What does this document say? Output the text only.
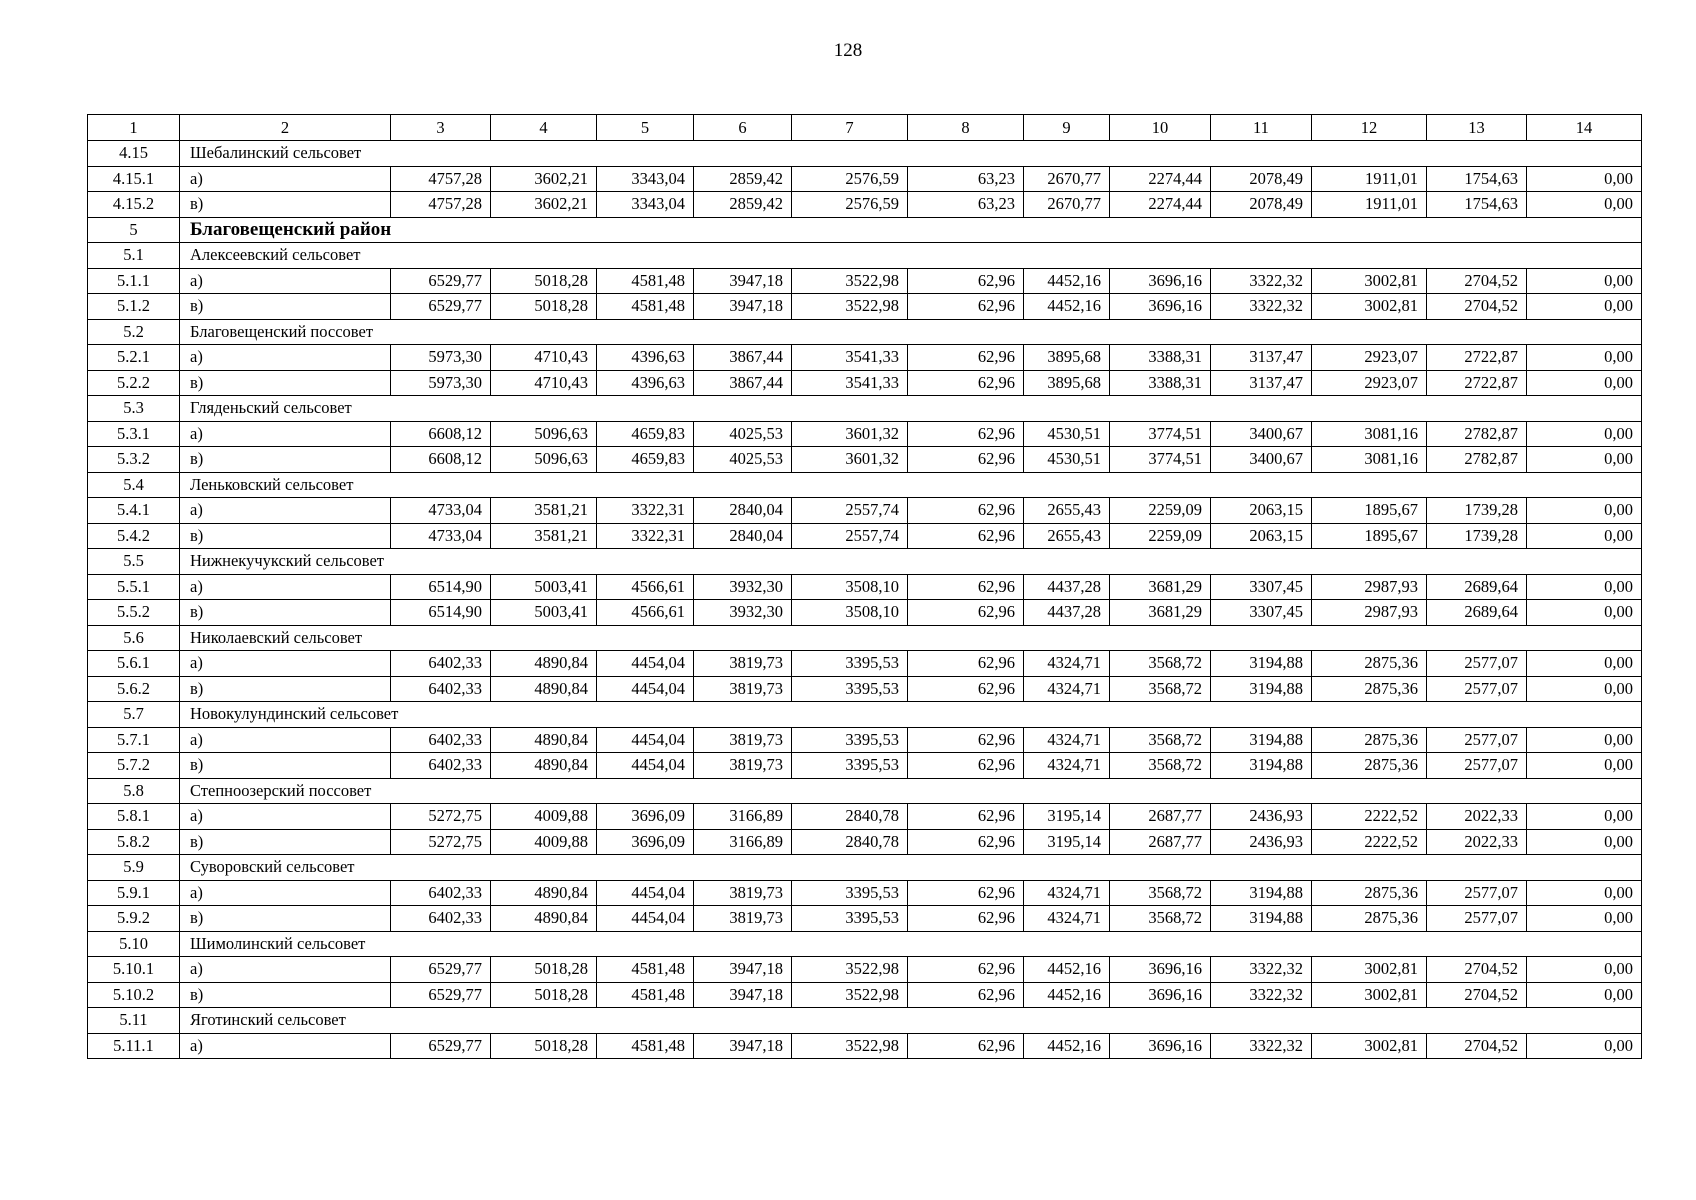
128
1	2	3	4	5	6	7	8	9	10	11	12	13	14
4.15	Шебалинский сельсовет												
4.15.1	а)	4757,28	3602,21	3343,04	2859,42	2576,59	63,23	2670,77	2274,44	2078,49	1911,01	1754,63	0,00
4.15.2	в)	4757,28	3602,21	3343,04	2859,42	2576,59	63,23	2670,77	2274,44	2078,49	1911,01	1754,63	0,00
5	Благовещенский район												
5.1	Алексеевский сельсовет												
5.1.1	а)	6529,77	5018,28	4581,48	3947,18	3522,98	62,96	4452,16	3696,16	3322,32	3002,81	2704,52	0,00
5.1.2	в)	6529,77	5018,28	4581,48	3947,18	3522,98	62,96	4452,16	3696,16	3322,32	3002,81	2704,52	0,00
5.2	Благовещенский поссовет												
5.2.1	а)	5973,30	4710,43	4396,63	3867,44	3541,33	62,96	3895,68	3388,31	3137,47	2923,07	2722,87	0,00
5.2.2	в)	5973,30	4710,43	4396,63	3867,44	3541,33	62,96	3895,68	3388,31	3137,47	2923,07	2722,87	0,00
5.3	Гляденьский сельсовет												
5.3.1	а)	6608,12	5096,63	4659,83	4025,53	3601,32	62,96	4530,51	3774,51	3400,67	3081,16	2782,87	0,00
5.3.2	в)	6608,12	5096,63	4659,83	4025,53	3601,32	62,96	4530,51	3774,51	3400,67	3081,16	2782,87	0,00
5.4	Леньковский сельсовет												
5.4.1	а)	4733,04	3581,21	3322,31	2840,04	2557,74	62,96	2655,43	2259,09	2063,15	1895,67	1739,28	0,00
5.4.2	в)	4733,04	3581,21	3322,31	2840,04	2557,74	62,96	2655,43	2259,09	2063,15	1895,67	1739,28	0,00
5.5	Нижнекучукский сельсовет												
5.5.1	а)	6514,90	5003,41	4566,61	3932,30	3508,10	62,96	4437,28	3681,29	3307,45	2987,93	2689,64	0,00
5.5.2	в)	6514,90	5003,41	4566,61	3932,30	3508,10	62,96	4437,28	3681,29	3307,45	2987,93	2689,64	0,00
5.6	Николаевский сельсовет												
5.6.1	а)	6402,33	4890,84	4454,04	3819,73	3395,53	62,96	4324,71	3568,72	3194,88	2875,36	2577,07	0,00
5.6.2	в)	6402,33	4890,84	4454,04	3819,73	3395,53	62,96	4324,71	3568,72	3194,88	2875,36	2577,07	0,00
5.7	Новокулундинский сельсовет												
5.7.1	а)	6402,33	4890,84	4454,04	3819,73	3395,53	62,96	4324,71	3568,72	3194,88	2875,36	2577,07	0,00
5.7.2	в)	6402,33	4890,84	4454,04	3819,73	3395,53	62,96	4324,71	3568,72	3194,88	2875,36	2577,07	0,00
5.8	Степноозерский поссовет												
5.8.1	а)	5272,75	4009,88	3696,09	3166,89	2840,78	62,96	3195,14	2687,77	2436,93	2222,52	2022,33	0,00
5.8.2	в)	5272,75	4009,88	3696,09	3166,89	2840,78	62,96	3195,14	2687,77	2436,93	2222,52	2022,33	0,00
5.9	Суворовский сельсовет												
5.9.1	а)	6402,33	4890,84	4454,04	3819,73	3395,53	62,96	4324,71	3568,72	3194,88	2875,36	2577,07	0,00
5.9.2	в)	6402,33	4890,84	4454,04	3819,73	3395,53	62,96	4324,71	3568,72	3194,88	2875,36	2577,07	0,00
5.10	Шимолинский сельсовет												
5.10.1	а)	6529,77	5018,28	4581,48	3947,18	3522,98	62,96	4452,16	3696,16	3322,32	3002,81	2704,52	0,00
5.10.2	в)	6529,77	5018,28	4581,48	3947,18	3522,98	62,96	4452,16	3696,16	3322,32	3002,81	2704,52	0,00
5.11	Яготинский сельсовет												
5.11.1	а)	6529,77	5018,28	4581,48	3947,18	3522,98	62,96	4452,16	3696,16	3322,32	3002,81	2704,52	0,00
